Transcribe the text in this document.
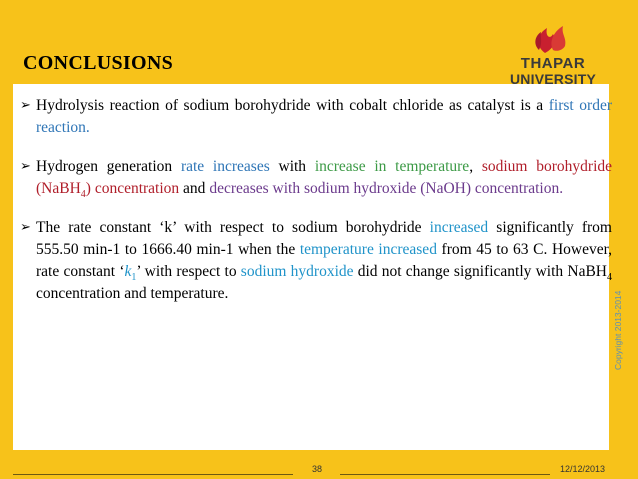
CONCLUSIONS	THAPAR
UNIVERSITY
➢ Hydrolysis reaction of sodium borohydride with cobalt chloride as catalyst is a first order reaction.
➢ Hydrogen generation rate increases with increase in temperature, sodium borohydride (NaBH$_4$) concentration and decreases with sodium hydroxide (NaOH) concentration.
➢ The rate constant ‘k’ with respect to sodium borohydride increased significantly from 555.50 min-1 to 1666.40 min-1 when the temperature increased from 45 to 63 C. However, rate constant ‘$k_1$’ with respect to sodium hydroxide did not change significantly with NaBH$_4$ concentration and temperature.	Copyright 2013-2014
38	12/12/2013
